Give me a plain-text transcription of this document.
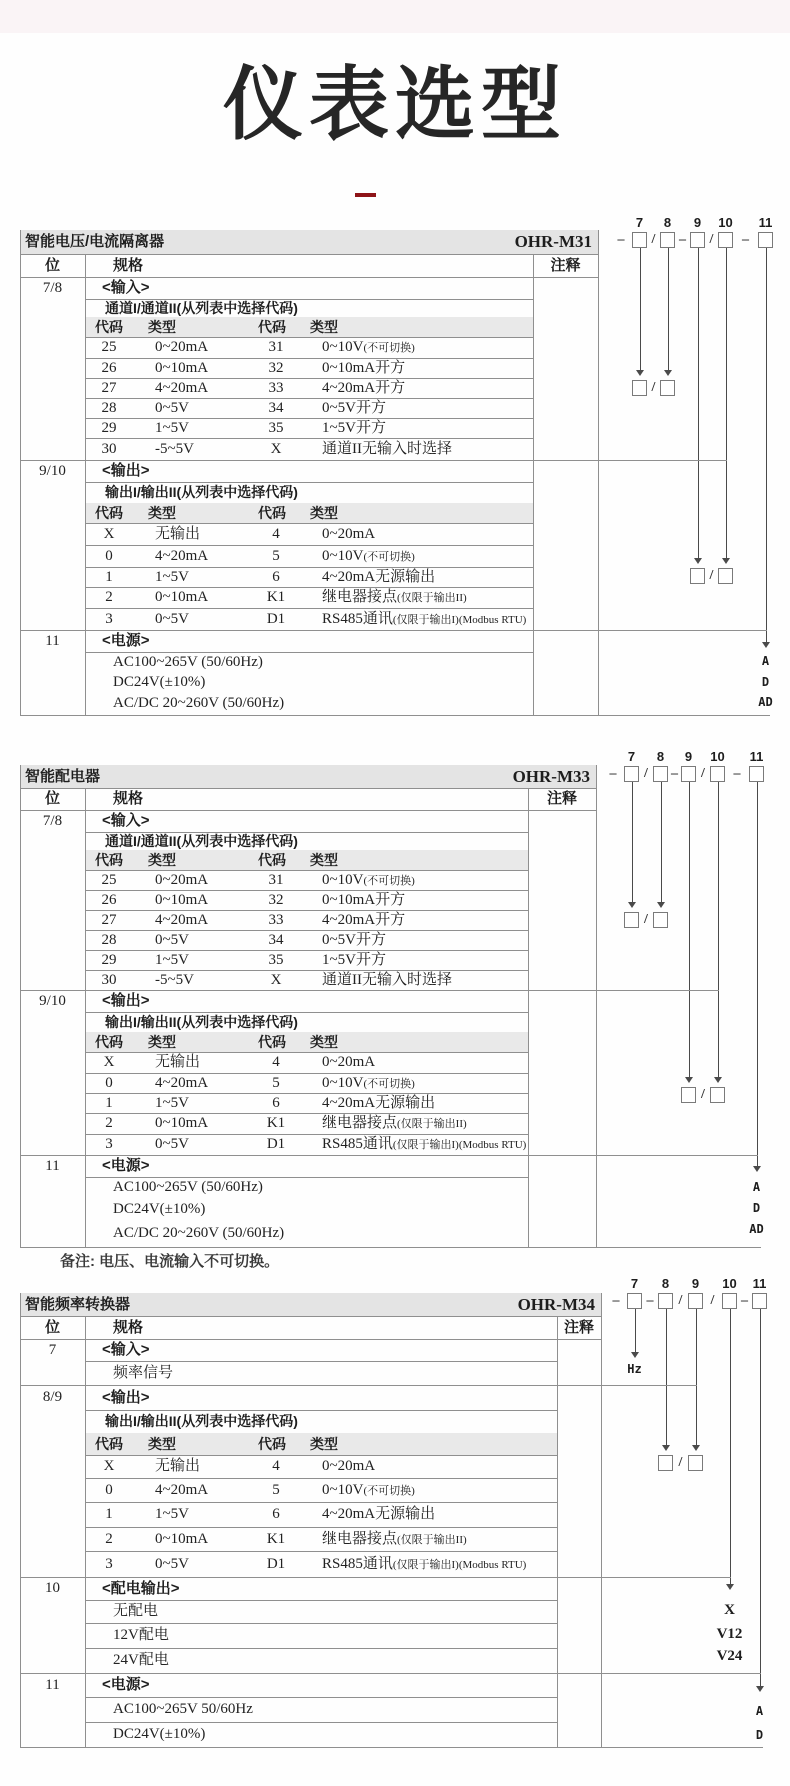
仪表选型
备注: 电压、电流输入不可切换。
智能电压/电流隔离器	OHR-M31
位	规格	注释
7/8	<输入>
通道I/通道II(从列表中选择代码)
代码 类型	代码 类型
25	0~20mA	31	0~10V(不可切换)
26	0~10mA	32	0~10mA开方
27	4~20mA	33	4~20mA开方
28	0~5V	34	0~5V开方
29	1~5V	35	1~5V开方
30	-5~5V	X	通道II无输入时选择
9/10	<输出>
输出I/输出II(从列表中选择代码)
代码 类型	代码 类型
X	无输出	4	0~20mA
0	4~20mA	5	0~10V(不可切换)
1	1~5V	6	4~20mA无源输出
2	0~10mA	K1	继电器接点(仅限于输出II)
3	0~5V	D1	RS485通讯(仅限于输出I)(Modbus RTU)
11	<电源>
AC100~265V (50/60Hz)
DC24V(±10%)
AC/DC 20~260V (50/60Hz)
7
–
8
/
9
–
10
/
11
–
/
/
A
D
AD
智能配电器	OHR-M33
位	规格	注释
7/8	<输入>
通道I/通道II(从列表中选择代码)
代码 类型	代码 类型
25	0~20mA	31	0~10V(不可切换)
26	0~10mA	32	0~10mA开方
27	4~20mA	33	4~20mA开方
28	0~5V	34	0~5V开方
29	1~5V	35	1~5V开方
30	-5~5V	X	通道II无输入时选择
9/10	<输出>
输出I/输出II(从列表中选择代码)
代码 类型	代码 类型
X	无输出	4	0~20mA
0	4~20mA	5	0~10V(不可切换)
1	1~5V	6	4~20mA无源输出
2	0~10mA	K1	继电器接点(仅限于输出II)
3	0~5V	D1	RS485通讯(仅限于输出I)(Modbus RTU)
11	<电源>
AC100~265V (50/60Hz)
DC24V(±10%)
AC/DC 20~260V (50/60Hz)
7
–
8
/
9
–
10
/
11
–
/
/
A
D
AD
智能频率转换器	OHR-M34
位	规格	注释
7	<输入>
频率信号
8/9	<输出>
输出I/输出II(从列表中选择代码)
代码 类型	代码 类型
X	无输出	4	0~20mA
0	4~20mA	5	0~10V(不可切换)
1	1~5V	6	4~20mA无源输出
2	0~10mA	K1	继电器接点(仅限于输出II)
3	0~5V	D1	RS485通讯(仅限于输出I)(Modbus RTU)
10	<配电输出>
无配电
12V配电
24V配电
11	<电源>
AC100~265V 50/60Hz
DC24V(±10%)
7
–
8
–
9
/
10
/
11
–
/
Hz
X
V12
V24
A
D
